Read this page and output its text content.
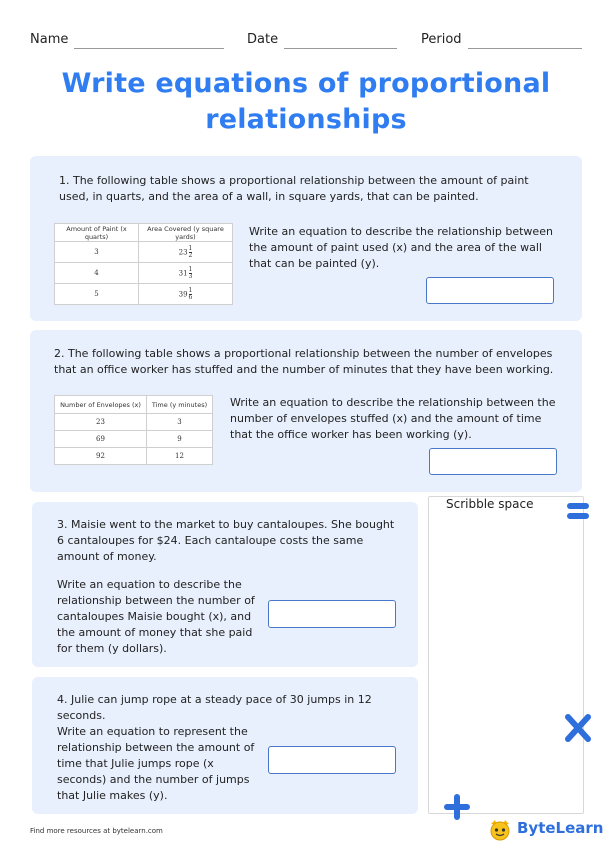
Name	Date	Period
Write equations of proportional
relationships
1. The following table shows a proportional relationship between the amount of paint used, in quarts, and the area of a wall, in square yards, that can be painted.
Amount of Paint (x quarts)	Area Covered (y square yards)
3	$23 \frac{1}{2}$

4	$31 \frac{1}{3}$

5	$39 \frac{1}{6}$
Write an equation to describe the relationship between the amount of paint used (x) and the area of the wall that can be painted (y).
2. The following table shows a proportional relationship between the number of envelopes that an office worker has stuffed and the number of minutes that they have been working.
Number of Envelopes (x)	Time (y minutes)
23	3
69	9
92	12
Write an equation to describe the relationship between the number of envelopes stuffed (x) and the amount of time that the office worker has been working (y).
3. Maisie went to the market to buy cantaloupes. She bought 6 cantaloupes for $24. Each cantaloupe costs the same amount of money.
Write an equation to describe the relationship between the number of cantaloupes Maisie bought (x), and the amount of money that she paid for them (y dollars).
4. Julie can jump rope at a steady pace of 30 jumps in 12 seconds.
Write an equation to represent the relationship between the amount of time that Julie jumps rope (x seconds) and the number of jumps that Julie makes (y).
Scribble space
Find more resources at bytelearn.com	ByteLearn
